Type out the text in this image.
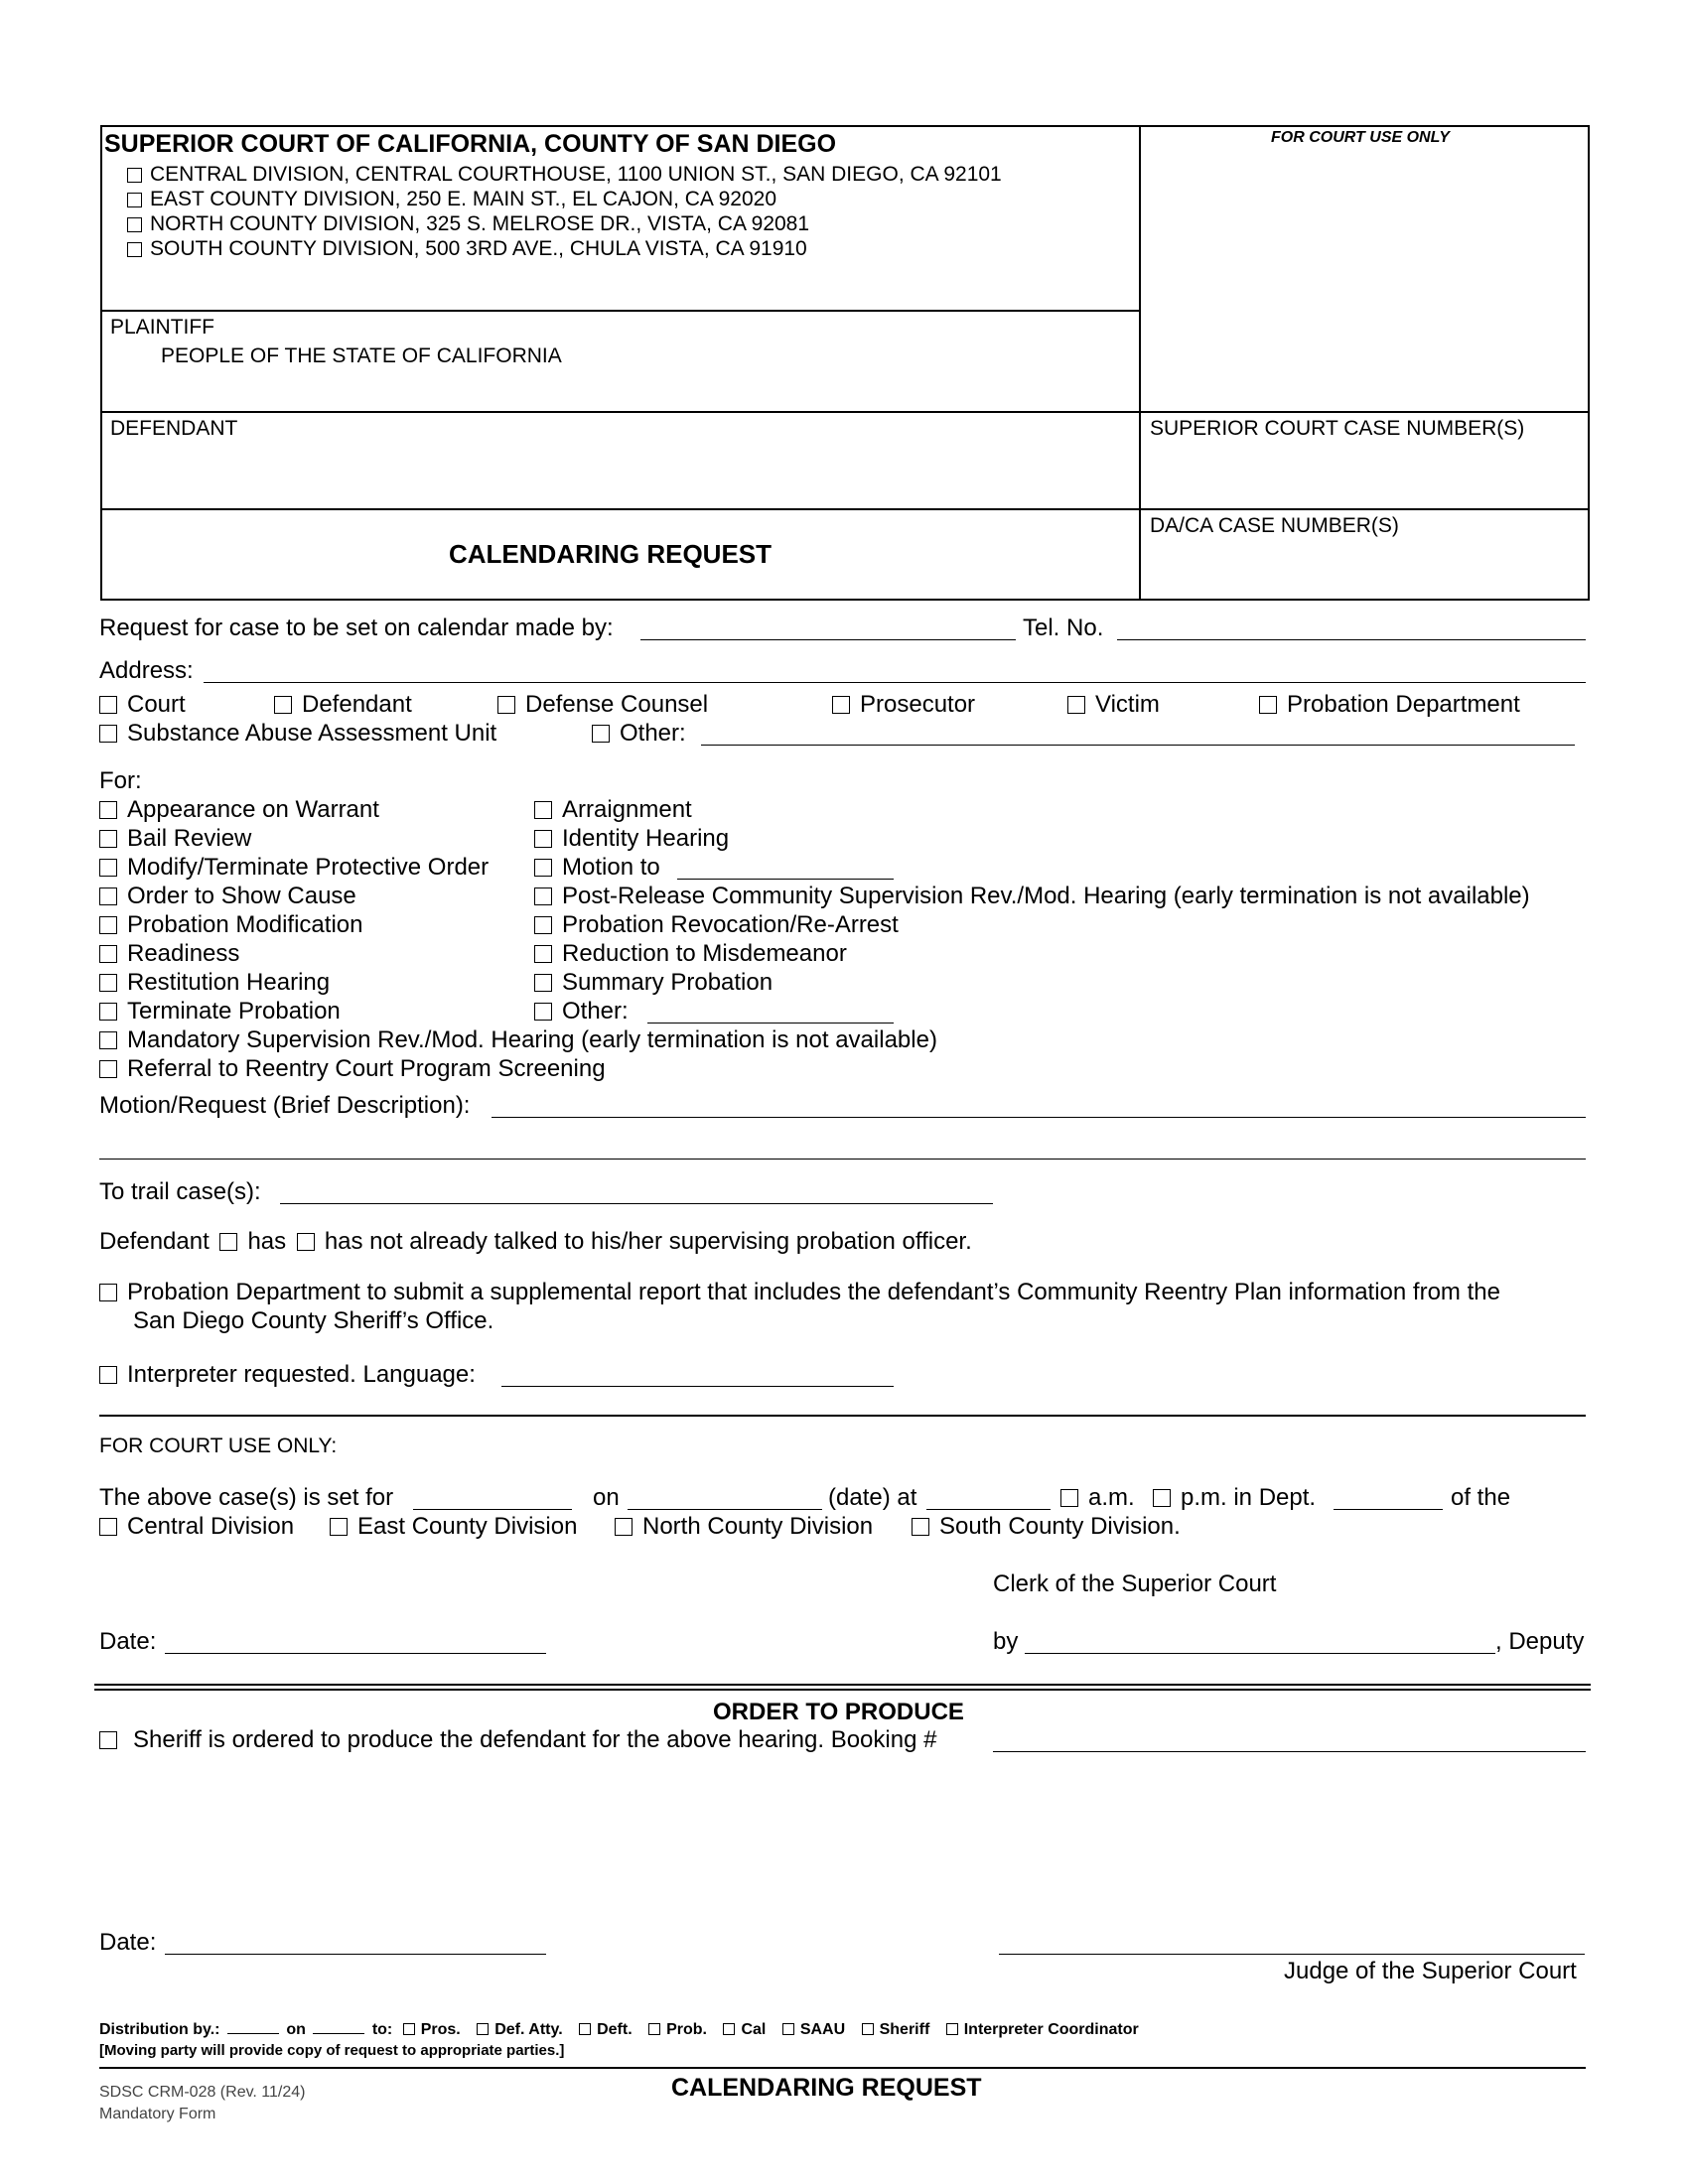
SUPERIOR COURT OF CALIFORNIA, COUNTY OF SAN DIEGO
CENTRAL DIVISION, CENTRAL COURTHOUSE, 1100 UNION ST., SAN DIEGO, CA 92101
EAST COUNTY DIVISION, 250 E. MAIN ST., EL CAJON, CA 92020
NORTH COUNTY DIVISION, 325 S. MELROSE DR., VISTA, CA 92081
SOUTH COUNTY DIVISION, 500 3RD AVE., CHULA VISTA, CA 91910
FOR COURT USE ONLY
PLAINTIFF
PEOPLE OF THE STATE OF CALIFORNIA
DEFENDANT	SUPERIOR COURT CASE NUMBER(S)
CALENDARING REQUEST
DA/CA CASE NUMBER(S)
Request for case to be set on calendar made by:	Tel. No.
Address:
Court	Defendant	Defense Counsel	Prosecutor	Victim	Probation Department
Substance Abuse Assessment Unit	Other:
For:
Appearance on Warrant
Bail Review
Modify/Terminate Protective Order
Order to Show Cause
Probation Modification
Readiness
Restitution Hearing
Terminate Probation
Arraignment
Identity Hearing
Motion to
Post-Release Community Supervision Rev./Mod. Hearing (early termination is not available)
Probation Revocation/Re-Arrest
Reduction to Misdemeanor
Summary Probation
Other:
Mandatory Supervision Rev./Mod. Hearing (early termination is not available)
Referral to Reentry Court Program Screening
Motion/Request (Brief Description):
To trail case(s):
Defendant has has not already talked to his/her supervising probation officer.
Probation Department to submit a supplemental report that includes the defendant’s Community Reentry Plan information from the
San Diego County Sheriff’s Office.
Interpreter requested. Language:
FOR COURT USE ONLY:
The above case(s) is set for	on	(date) at	a.m.	p.m. in Dept.	of the
Central Division	East County Division	North County Division	South County Division.
Clerk of the Superior Court
Date:	by	, Deputy
ORDER TO PRODUCE
Sheriff is ordered to produce the defendant for the above hearing. Booking #
Date:
Judge of the Superior Court
Distribution by.:	on	to: Pros. Def. Atty. Deft. Prob. Cal SAAU Sheriff Interpreter Coordinator
[Moving party will provide copy of request to appropriate parties.]
SDSC CRM-028 (Rev. 11/24)
Mandatory Form
CALENDARING REQUEST
